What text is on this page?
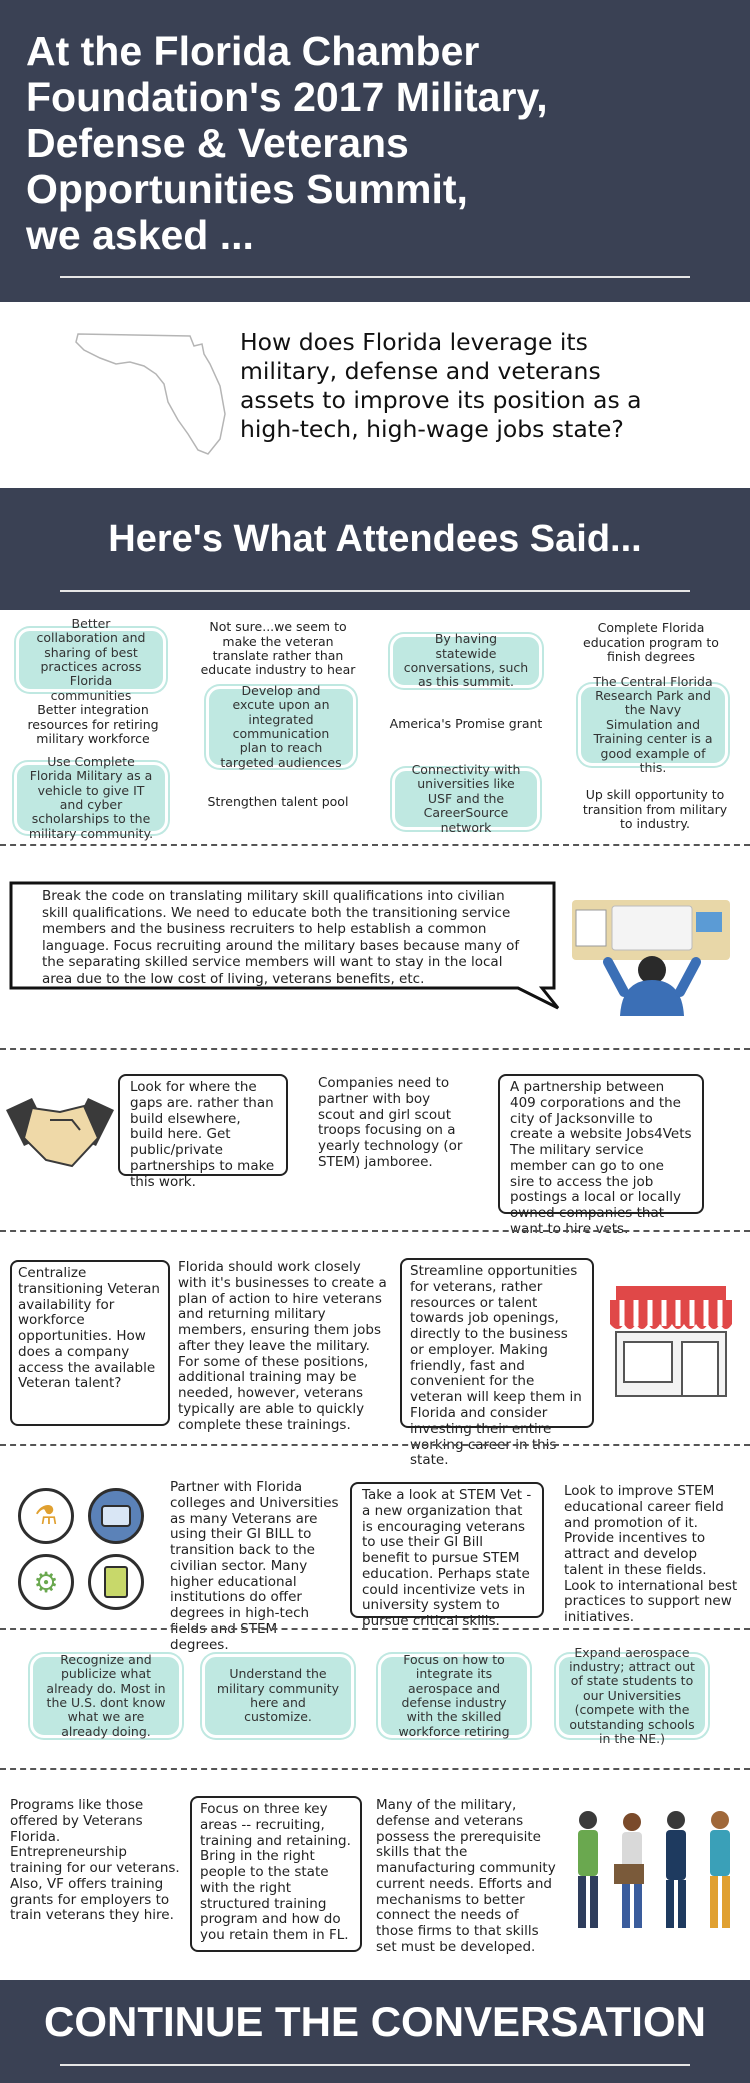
At the Florida Chamber
Foundation's 2017 Military,
Defense & Veterans
Opportunities Summit,
we asked ...
How does Florida leverage its military, defense and veterans assets to improve its position as a high-tech, high-wage jobs state?
Here's What Attendees Said...
Better collaboration and sharing of best practices across Florida communities
Better integration resources for retiring military workforce
Use Complete Florida Military as a vehicle to give IT and cyber scholarships to the military community.
Not sure...we seem to make the veteran translate rather than educate industry to hear
Develop and excute upon an integrated communication plan to reach targeted audiences
Strengthen talent pool
By having statewide conversations, such as this summit.
America's Promise grant
Connectivity with universities like USF and the CareerSource network
Complete Florida education program to finish degrees
The Central Florida Research Park and the Navy Simulation and Training center is a good example of this.
Up skill opportunity to transition from military to industry.
Break the code on translating military skill qualifications into civilian skill qualifications. We need to educate both the transitioning service members and the business recruiters to help establish a common language. Focus recruiting around the military bases because many of the separating skilled service members will want to stay in the local area due to the low cost of living, veterans benefits, etc.
Look for where the gaps are. rather than build elsewhere, build here. Get public/private partnerships to make this work.
Companies need to partner with boy scout and girl scout troops focusing on a yearly technology (or STEM) jamboree.
A partnership between 409 corporations and the city of Jacksonville to create a website Jobs4Vets The military service member can go to one sire to access the job postings a local or locally owned companies that want to hire vets.
Centralize transitioning Veteran availability for workforce opportunities. How does a company access the available Veteran talent?
Florida should work closely with it's businesses to create a plan of action to hire veterans and returning military members, ensuring them jobs after they leave the military. For some of these positions, additional training may be needed, however, veterans typically are able to quickly complete these trainings.
Streamline opportunities for veterans, rather resources or talent towards job openings, directly to the business or employer. Making friendly, fast and convenient for the veteran will keep them in Florida and consider investing their entire working career in this state.
⚗
⚙
Partner with Florida colleges and Universities as many Veterans are using their GI BILL to transition back to the civilian sector. Many higher educational institutions do offer degrees in high-tech fields and STEM degrees.
Take a look at STEM Vet - a new organization that is encouraging veterans to use their GI Bill benefit to pursue STEM education. Perhaps state could incentivize vets in university system to pursue critical skills.
Look to improve STEM educational career field and promotion of it. Provide incentives to attract and develop talent in these fields. Look to international best practices to support new initiatives.
Recognize and publicize what already do. Most in the U.S. dont know what we are already doing.
Understand the military community here and customize.
Focus on how to integrate its aerospace and defense industry with the skilled workforce retiring
Expand aerospace industry; attract out of state students to our Universities (compete with the outstanding schools in the NE.)
Programs like those offered by Veterans Florida. Entrepreneurship training for our veterans. Also, VF offers training grants for employers to train veterans they hire.
Focus on three key areas -- recruiting, training and retaining. Bring in the right people to the state with the right structured training program and how do you retain them in FL.
Many of the military, defense and veterans possess the prerequisite skills that the manufacturing community current needs. Efforts and mechanisms to better connect the needs of those firms to that skills set must be developed.
CONTINUE THE CONVERSATION
